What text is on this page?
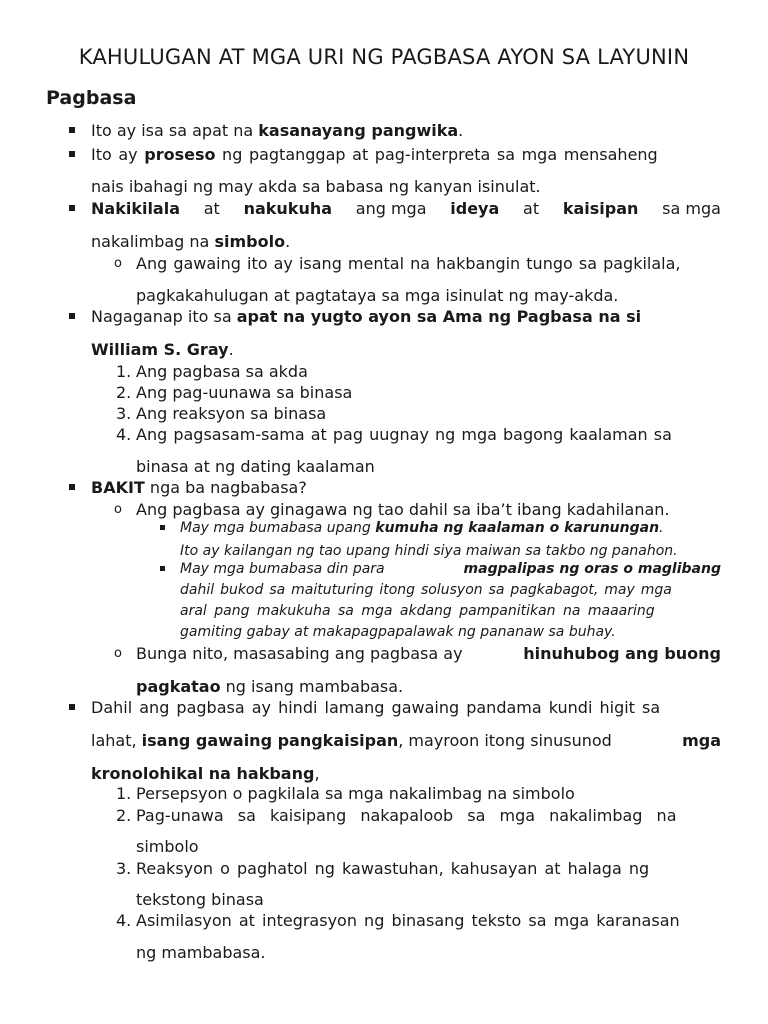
KAHULUGAN AT MGA URI NG PAGBASA AYON SA LAYUNIN
Pagbasa
Ito ay isa sa apat na kasanayang pangwika.
Ito ay proseso ng pagtanggap at pag-interpreta sa mga mensaheng
nais ibahagi ng may akda sa babasa ng kanyan isinulat.
Nakikilala at nakukuha ang mga ideya at kaisipan sa mga
nakalimbag na simbolo.
o Ang gawaing ito ay isang mental na hakbangin tungo sa pagkilala,
pagkakahulugan at pagtataya sa mga isinulat ng may-akda.
Nagaganap ito sa apat na yugto ayon sa Ama ng Pagbasa na si
William S. Gray.
1. Ang pagbasa sa akda
2. Ang pag-uunawa sa binasa
3. Ang reaksyon sa binasa
4. Ang pagsasam-sama at pag uugnay ng mga bagong kaalaman sa
binasa at ng dating kaalaman
BAKIT nga ba nagbabasa?
o Ang pagbasa ay ginagawa ng tao dahil sa iba’t ibang kadahilanan.
May mga bumabasa upang kumuha ng kaalaman o karunungan.
Ito ay kailangan ng tao upang hindi siya maiwan sa takbo ng panahon.
May mga bumabasa din para	magpalipas ng oras o maglibang
dahil bukod sa maituturing itong solusyon sa pagkabagot, may mga
aral pang makukuha sa mga akdang pampanitikan na maaaring
gamiting gabay at makapagpapalawak ng pananaw sa buhay.
o Bunga nito, masasabing ang pagbasa ay	hinuhubog ang buong
pagkatao ng isang mambabasa.
Dahil ang pagbasa ay hindi lamang gawaing pandama kundi higit sa
lahat, isang gawaing pangkaisipan, mayroon itong sinusunod	mga
kronolohikal na hakbang,
1. Persepsyon o pagkilala sa mga nakalimbag na simbolo
2. Pag-unawa sa kaisipang nakapaloob sa mga nakalimbag na
simbolo
3. Reaksyon o paghatol ng kawastuhan, kahusayan at halaga ng
tekstong binasa
4. Asimilasyon at integrasyon ng binasang teksto sa mga karanasan
ng mambabasa.
